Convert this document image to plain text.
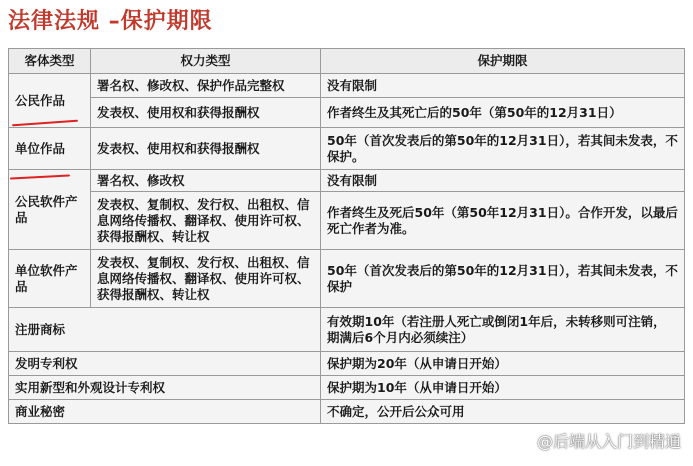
法律法规 –保护期限
客体类型	权力类型	保护期限
公民作品	署名权、修改权、保护作品完整权	没有限制
	发表权、使用权和获得报酬权	作者终生及其死亡后的50年（第50年的12月31日）
单位作品	发表权、使用权和获得报酬权	50年（首次发表后的第50年的12月31日），若其间未发表，不保护。
公民软件产品	署名权、修改权	没有限制
	发表权、复制权、发行权、出租权、信息网络传播权、翻译权、使用许可权、获得报酬权、转让权	作者终生及死后50年（第50年12月31日）。合作开发，以最后死亡作者为准。
单位软件产品	发表权、复制权、发行权、出租权、信息网络传播权、翻译权、使用许可权、获得报酬权、转让权	50年（首次发表后的第50年的12月31日），若其间未发表，不保护
注册商标		有效期10年（若注册人死亡或倒闭1年后，未转移则可注销，期满后6个月内必须续注）
发明专利权		保护期为20年（从申请日开始）
实用新型和外观设计专利权		保护期为10年（从申请日开始）
商业秘密		不确定，公开后公众可用
@后端从入门到精通
